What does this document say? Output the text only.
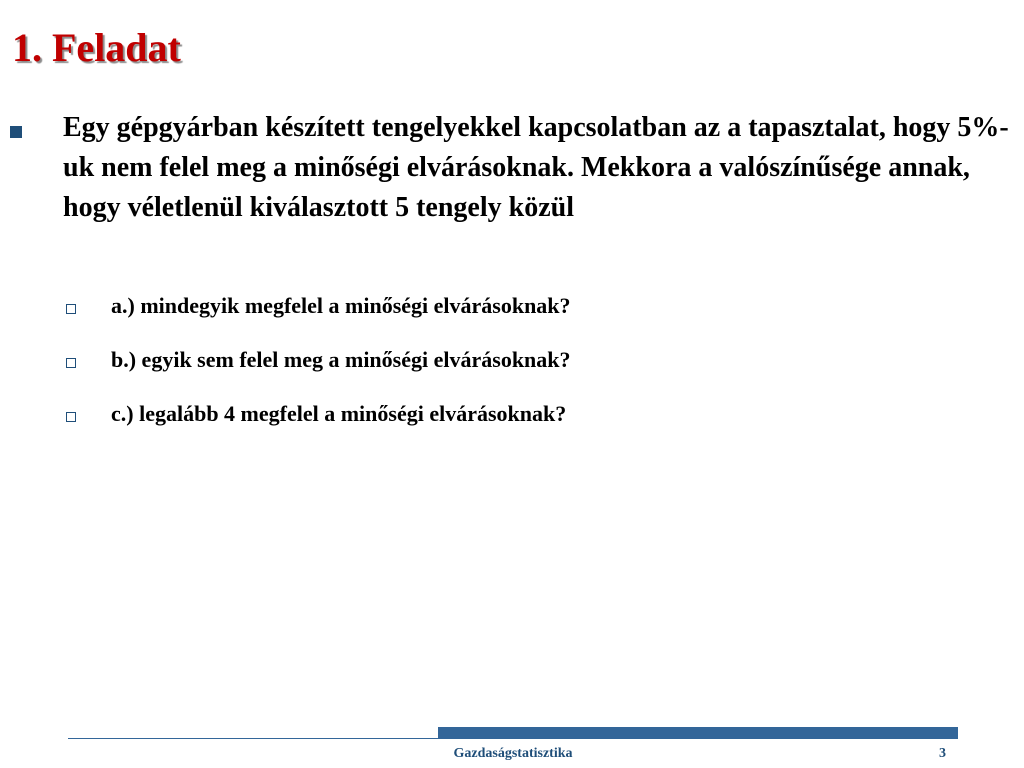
1. Feladat
Egy gépgyárban készített tengelyekkel kapcsolatban az a tapasztalat, hogy 5%-uk nem felel meg a minőségi elvárásoknak. Mekkora a valószínűsége annak, hogy véletlenül kiválasztott 5 tengely közül
a.) mindegyik megfelel a minőségi elvárásoknak?
b.) egyik sem felel meg a minőségi elvárásoknak?
c.) legalább 4 megfelel a minőségi elvárásoknak?
Gazdaságstatisztika	3
